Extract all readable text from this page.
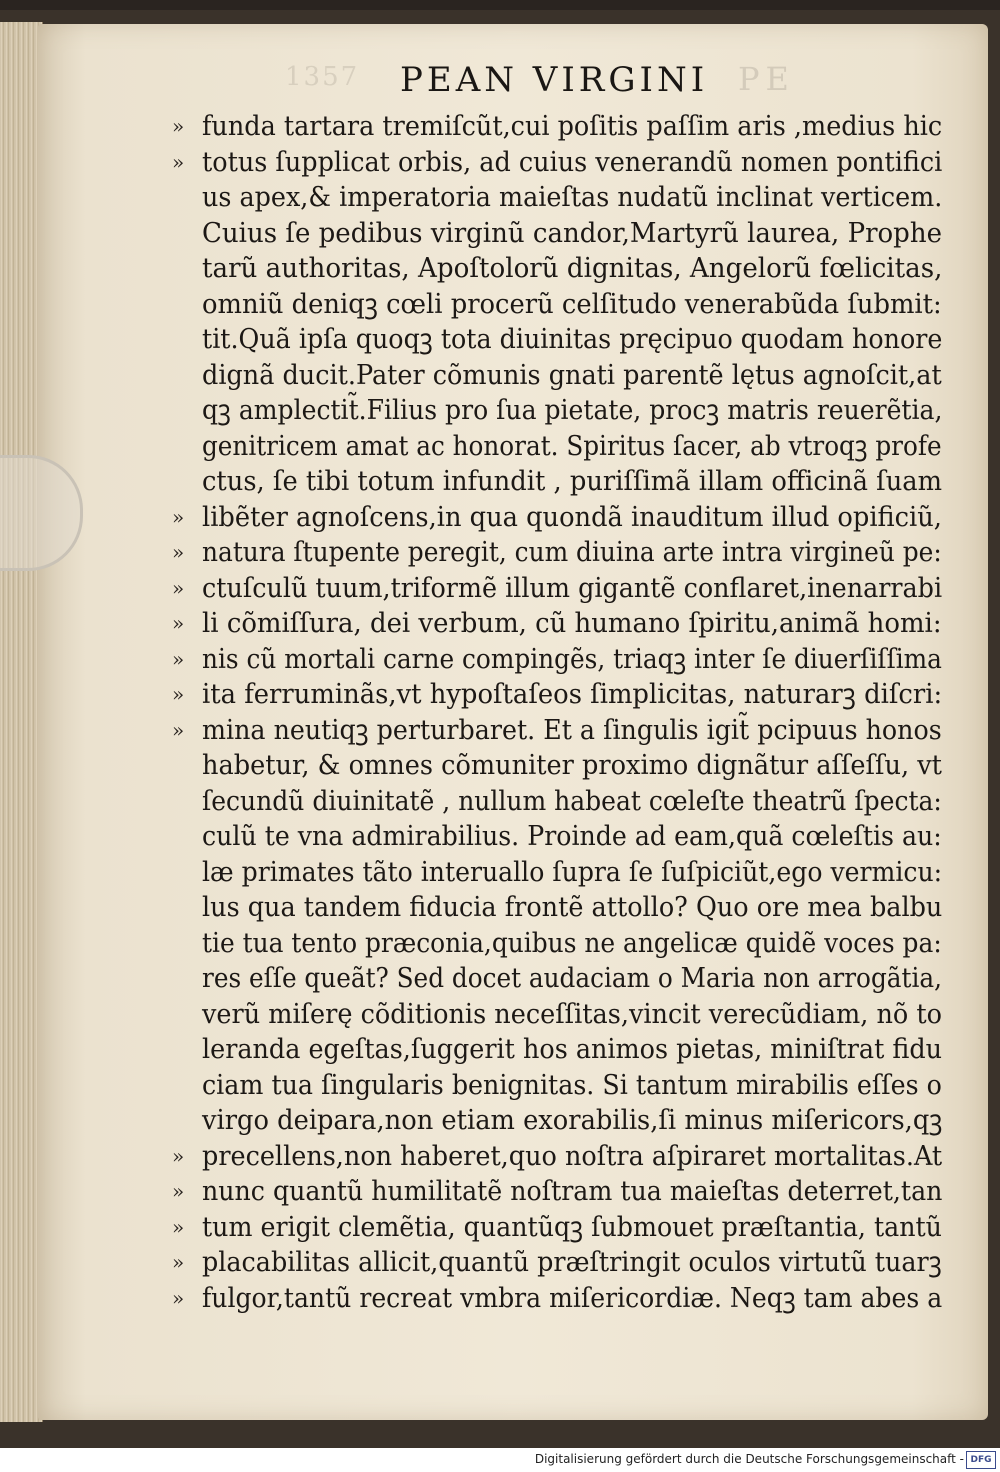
1357 PEAN VIRGINI PE
» funda tartara tremiſcũt,cui poſitis paſſim aris ,medius hic
» totus ſupplicat orbis, ad cuius venerandũ nomen pontifici
us apex,& imperatoria maieſtas nudatũ inclinat verticem.
Cuius ſe pedibus virginũ candor,Martyrũ laurea, Prophe
tarũ authoritas, Apoſtolorũ dignitas, Angelorũ fœlicitas,
omniũ deniqꝫ cœli procerũ celſitudo venerabũda ſubmit:
tit.Quã ipſa quoqꝫ tota diuinitas pręcipuo quodam honore
dignã ducit.Pater cõmunis gnati parentẽ lętus agnoſcit,at
qꝫ amplectit̃.Filius pro ſua pietate, procꝫ matris reuerẽtia,
genitricem amat ac honorat. Spiritus ſacer, ab vtroqꝫ profe
ctus, ſe tibi totum infundit , puriſſimã illam officinã ſuam
» libẽter agnoſcens,in qua quondã inauditum illud opificiũ,
» natura ſtupente peregit, cum diuina arte intra virgineũ pe:
» ctuſculũ tuum,triformẽ illum gigantẽ conflaret,inenarrabi
» li cõmiſſura, dei verbum, cũ humano ſpiritu,animã homi:
» nis cũ mortali carne compingẽs, triaqꝫ inter ſe diuerſiſſima
» ita ferruminãs,vt hypoſtaſeos ſimplicitas, naturarꝫ diſcri:
» mina neutiqꝫ perturbaret. Et a ſingulis igit̃ pcipuus honos
habetur, & omnes cõmuniter proximo dignãtur aſſeſſu, vt
ſecundũ diuinitatẽ , nullum habeat cœleſte theatrũ ſpecta:
culũ te vna admirabilius. Proinde ad eam,quã cœleſtis au:
læ primates tãto interuallo ſupra ſe ſuſpiciũt,ego vermicu:
lus qua tandem fiducia frontẽ attollo? Quo ore mea balbu
tie tua tento præconia,quibus ne angelicæ quidẽ voces pa:
res eſſe queãt? Sed docet audaciam o Maria non arrogãtia,
verũ miſerę cõditionis neceſſitas,vincit verecũdiam, nõ to
leranda egeſtas,ſuggerit hos animos pietas, miniſtrat fidu
ciam tua ſingularis benignitas. Si tantum mirabilis eſſes o
virgo deipara,non etiam exorabilis,ſi minus miſericors,qꝫ
» precellens,non haberet,quo noſtra aſpiraret mortalitas.At
» nunc quantũ humilitatẽ noſtram tua maieſtas deterret,tan
» tum erigit clemẽtia, quantũqꝫ ſubmouet præſtantia, tantũ
» placabilitas allicit,quantũ præſtringit oculos virtutũ tuarꝫ
» fulgor,tantũ recreat vmbra miſericordiæ. Neqꝫ tam abes a
Digitalisierung gefördert durch die Deutsche Forschungsgemeinschaft - DFG
